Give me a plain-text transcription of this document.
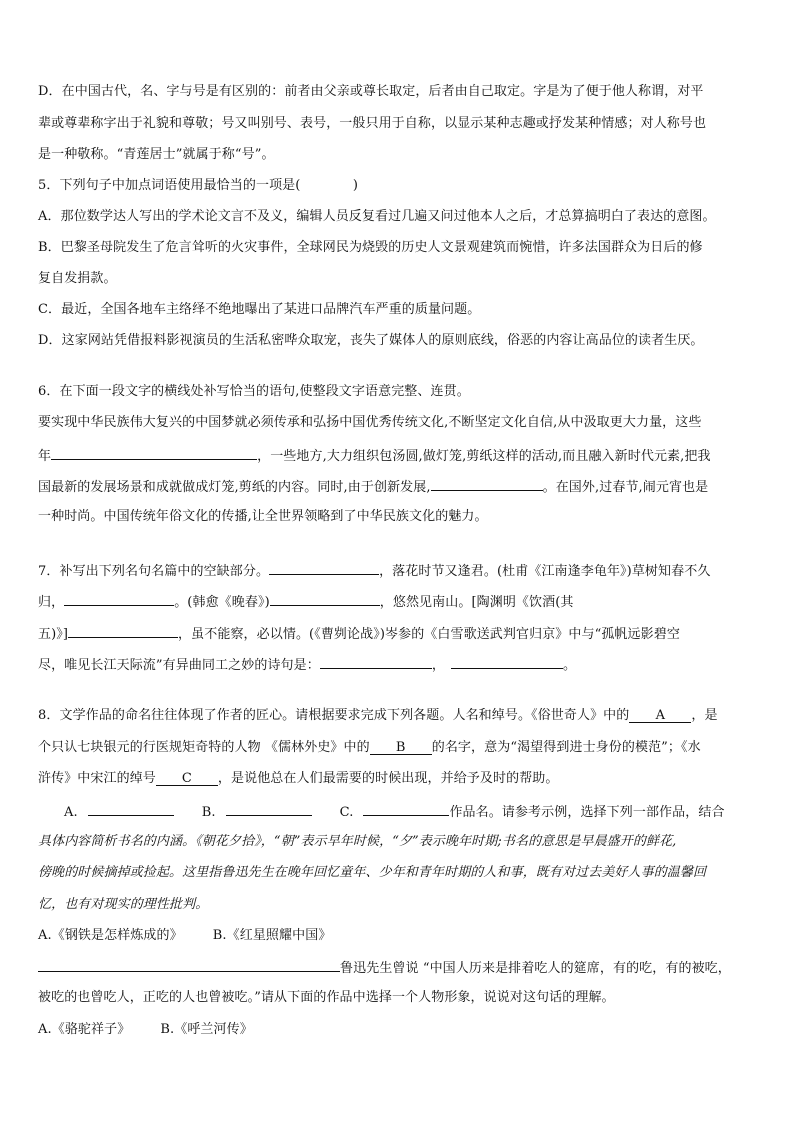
D．在中国古代，名、字与号是有区别的：前者由父亲或尊长取定，后者由自己取定。字是为了便于他人称谓，对平
辈或尊辈称字出于礼貌和尊敬；号又叫别号、表号，一般只用于自称，以显示某种志趣或抒发某种情感；对人称号也
是一种敬称。“青莲居士”就属于称“号”。
5．下列句子中加点词语使用最恰当的一项是(　　　　)
A．那位数学达人写出的学术论文言不及义，编辑人员反复看过几遍又问过他本人之后，才总算搞明白了表达的意图。
B．巴黎圣母院发生了危言耸听的火灾事件，全球网民为烧毁的历史人文景观建筑而惋惜，许多法国群众为日后的修
复自发捐款。
C．最近，全国各地车主络绎不绝地曝出了某进口品牌汽车严重的质量问题。
D．这家网站凭借报料影视演员的生活私密哗众取宠，丧失了媒体人的原则底线，俗恶的内容让高品位的读者生厌。
6．在下面一段文字的横线处补写恰当的语句,使整段文字语意完整、连贯。
要实现中华民族伟大复兴的中国梦就必须传承和弘扬中国优秀传统文化,不断坚定文化自信,从中汲取更大力量，这些
年	，一些地方,大力组织包汤圆,做灯笼,剪纸这样的活动,而且融入新时代元素,把我
国最新的发展场景和成就做成灯笼,剪纸的内容。同时,由于创新发展,	。在国外,过春节,闹元宵也是
一种时尚。中国传统年俗文化的传播,让全世界领略到了中华民族文化的魅力。
7．补写出下列名句名篇中的空缺部分。	，落花时节又逢君。(杜甫《江南逢李龟年》)草树知春不久
归，	。(韩愈《晚春》)	，悠然见南山。[陶渊明《饮酒(其
五)》]	，虽不能察，必以情。(《曹刿论战》)岑参的《白雪歌送武判官归京》中与“孤帆远影碧空
尽，唯见长江天际流”有异曲同工之妙的诗句是：	，	。
8．文学作品的命名往往体现了作者的匠心。请根据要求完成下列各题。人名和绰号。《俗世奇人》中的 A ，是
个只认七块银元的行医规矩奇特的人物 《儒林外史》中的 B 的名字，意为“渴望得到进士身份的模范”；《水
浒传》中宋江的绰号 C ，是说他总在人们最需要的时候出现，并给予及时的帮助。
A.	B.	C.	作品名。请参考示例，选择下列一部作品，结合
具体内容简析书名的内涵。《朝花夕拾》，“朝”表示早年时候，“夕”表示晚年时期;书名的意思是早晨盛开的鲜花,
傍晚的时候摘掉或捡起。这里指鲁迅先生在晚年回忆童年、少年和青年时期的人和事，既有对过去美好人事的温馨回
忆，也有对现实的理性批判。
A.《钢铁是怎样炼成的》 B.《红星照耀中国》
鲁迅先生曾说 “中国人历来是排着吃人的筵席，有的吃，有的被吃，
被吃的也曾吃人，正吃的人也曾被吃。”请从下面的作品中选择一个人物形象，说说对这句话的理解。
A.《骆驼祥子》 B.《呼兰河传》
